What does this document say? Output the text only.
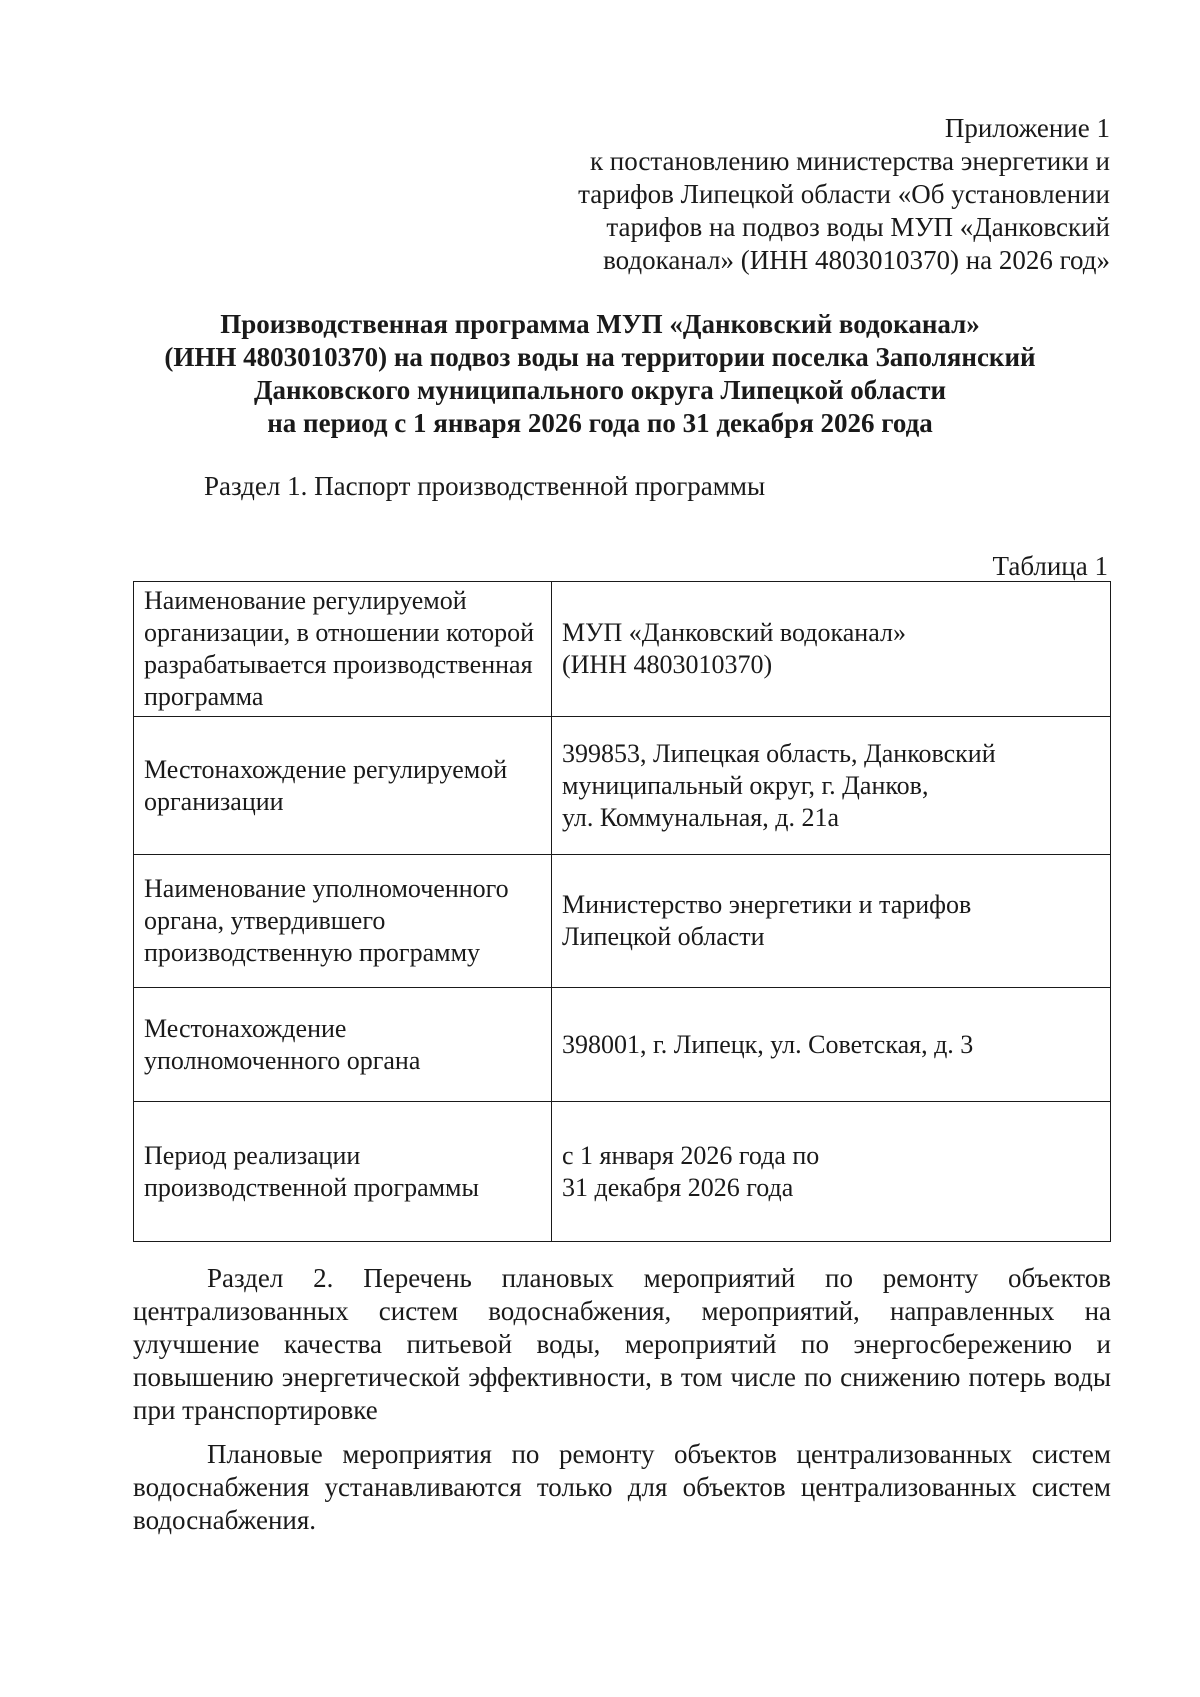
Приложение 1
к постановлению министерства энергетики и
тарифов Липецкой области «Об установлении
тарифов на подвоз воды МУП «Данковский
водоканал» (ИНН 4803010370) на 2026 год»
Производственная программа МУП «Данковский водоканал»
(ИНН 4803010370) на подвоз воды на территории поселка Заполянский
Данковского муниципального округа Липецкой области
на период с 1 января 2026 года по 31 декабря 2026 года
Раздел 1. Паспорт производственной программы
Таблица 1
Наименование регулируемой организации, в отношении которой разрабатывается производственная программа	МУП «Данковский водоканал»
(ИНН 4803010370)

Местонахождение регулируемой организации	399853, Липецкая область, Данковский
муниципальный округ, г. Данков,
ул. Коммунальная, д. 21а

Наименование уполномоченного органа, утвердившего производственную программу	Министерство энергетики и тарифов
Липецкой области

Местонахождение уполномоченного органа	398001, г. Липецк, ул. Советская, д. 3

Период реализации производственной программы	с 1 января 2026 года по
31 декабря 2026 года
Раздел 2. Перечень плановых мероприятий по ремонту объектов централизованных систем водоснабжения, мероприятий, направленных на улучшение качества питьевой воды, мероприятий по энергосбережению и повышению энергетической эффективности, в том числе по снижению потерь воды при транспортировке
Плановые мероприятия по ремонту объектов централизованных систем водоснабжения устанавливаются только для объектов централизованных систем водоснабжения.
